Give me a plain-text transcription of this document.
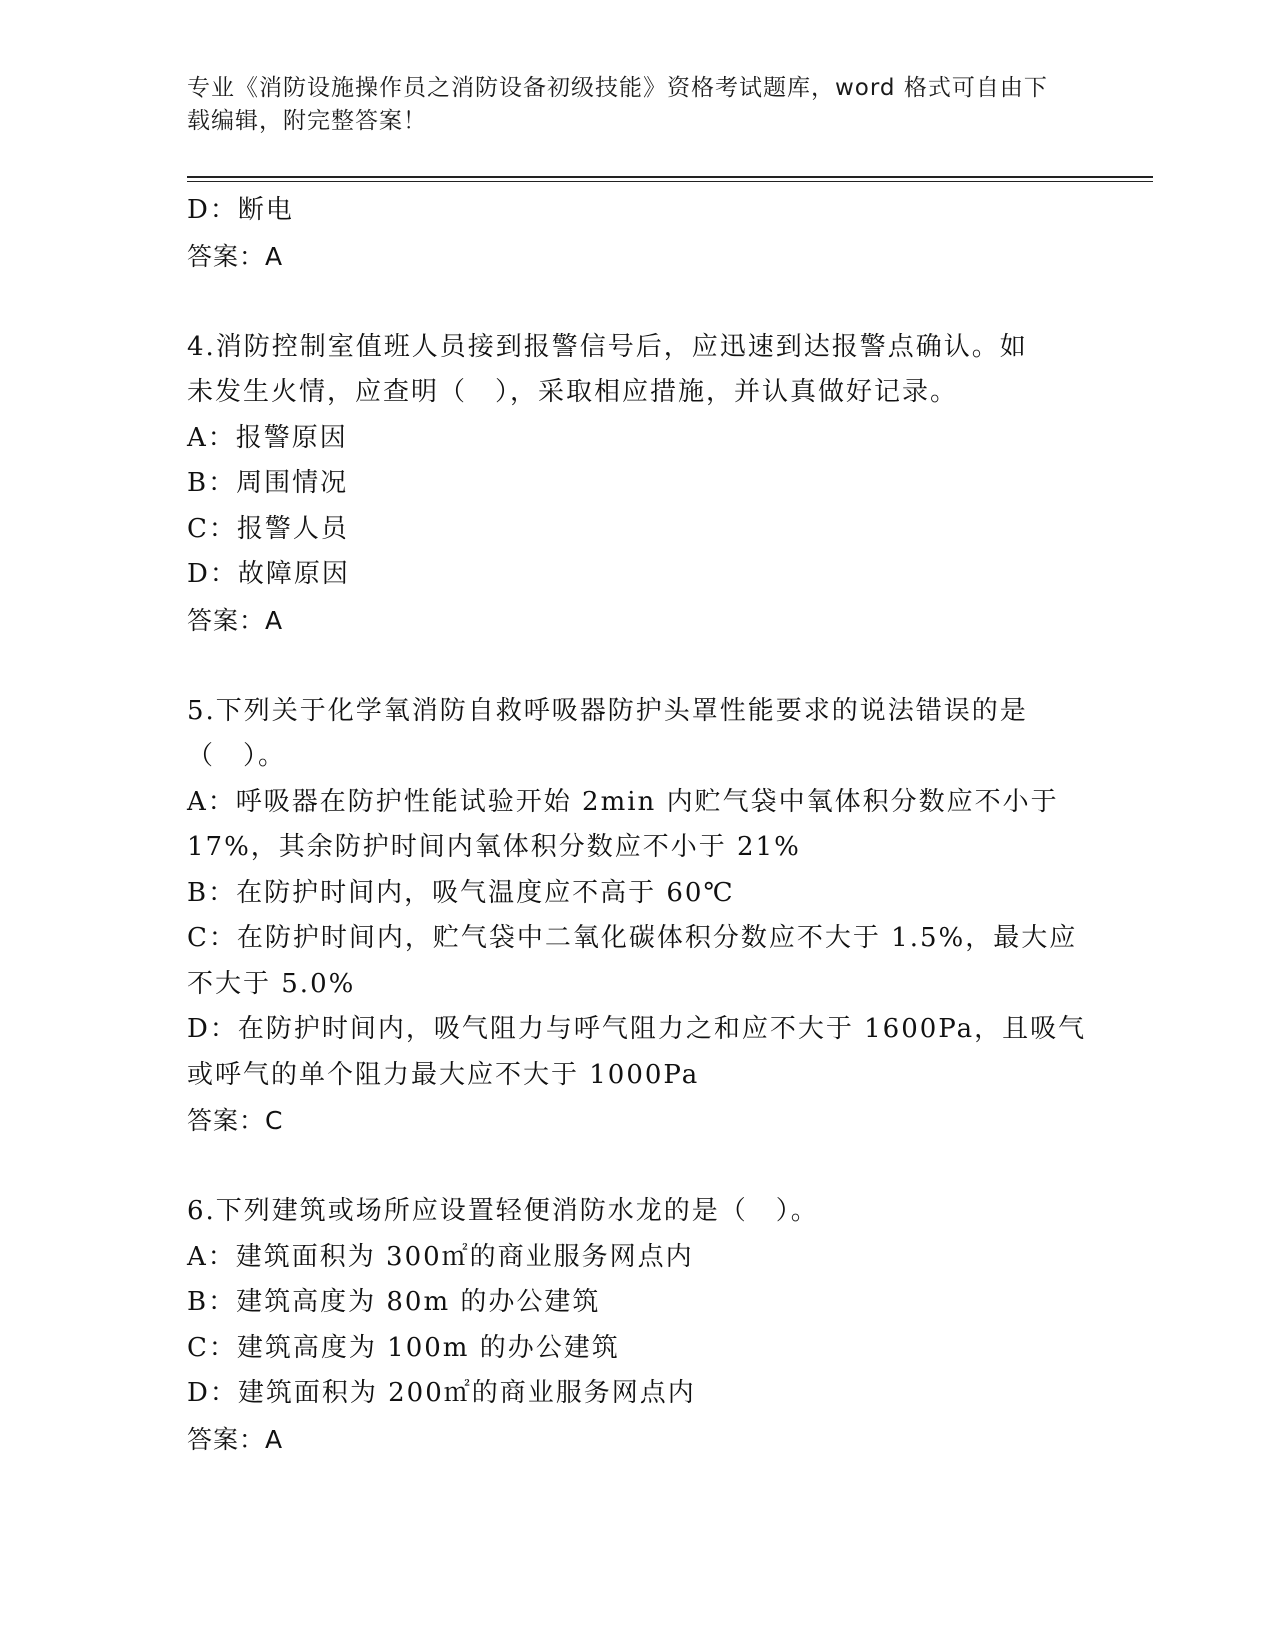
专业《消防设施操作员之消防设备初级技能》资格考试题库，word 格式可自由下
载编辑，附完整答案！
D：断电
答案：A
4.消防控制室值班人员接到报警信号后，应迅速到达报警点确认。如
未发生火情，应查明（　），采取相应措施，并认真做好记录。
A：报警原因
B：周围情况
C：报警人员
D：故障原因
答案：A
5.下列关于化学氧消防自救呼吸器防护头罩性能要求的说法错误的是
（　）。
A：呼吸器在防护性能试验开始 2min 内贮气袋中氧体积分数应不小于
17%，其余防护时间内氧体积分数应不小于 21%
B：在防护时间内，吸气温度应不高于 60℃
C：在防护时间内，贮气袋中二氧化碳体积分数应不大于 1.5%，最大应
不大于 5.0%
D：在防护时间内，吸气阻力与呼气阻力之和应不大于 1600Pa，且吸气
或呼气的单个阻力最大应不大于 1000Pa
答案：C
6.下列建筑或场所应设置轻便消防水龙的是（　）。
A：建筑面积为 300㎡的商业服务网点内
B：建筑高度为 80m 的办公建筑
C：建筑高度为 100m 的办公建筑
D：建筑面积为 200㎡的商业服务网点内
答案：A
